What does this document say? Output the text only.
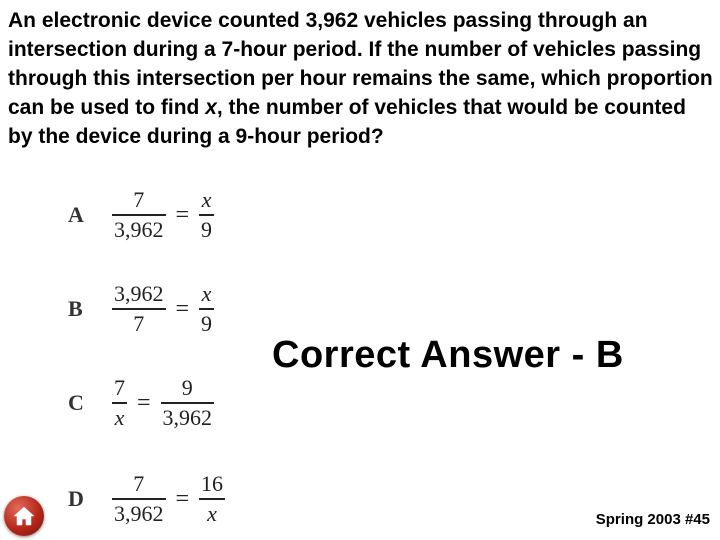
An electronic device counted 3,962 vehicles passing through an intersection during a 7-hour period. If the number of vehicles passing through this intersection per hour remains the same, which proportion can be used to find x, the number of vehicles that would be counted by the device during a 9-hour period?

A	$\frac{7}{3,962} = \frac{x}{9}$
B	$\frac{3,962}{7} = \frac{x}{9}$
C	$\frac{7}{x} = \frac{9}{3,962}$
D	$\frac{7}{3,962} = \frac{16}{x}$

Correct Answer - B

Spring 2003 #45
